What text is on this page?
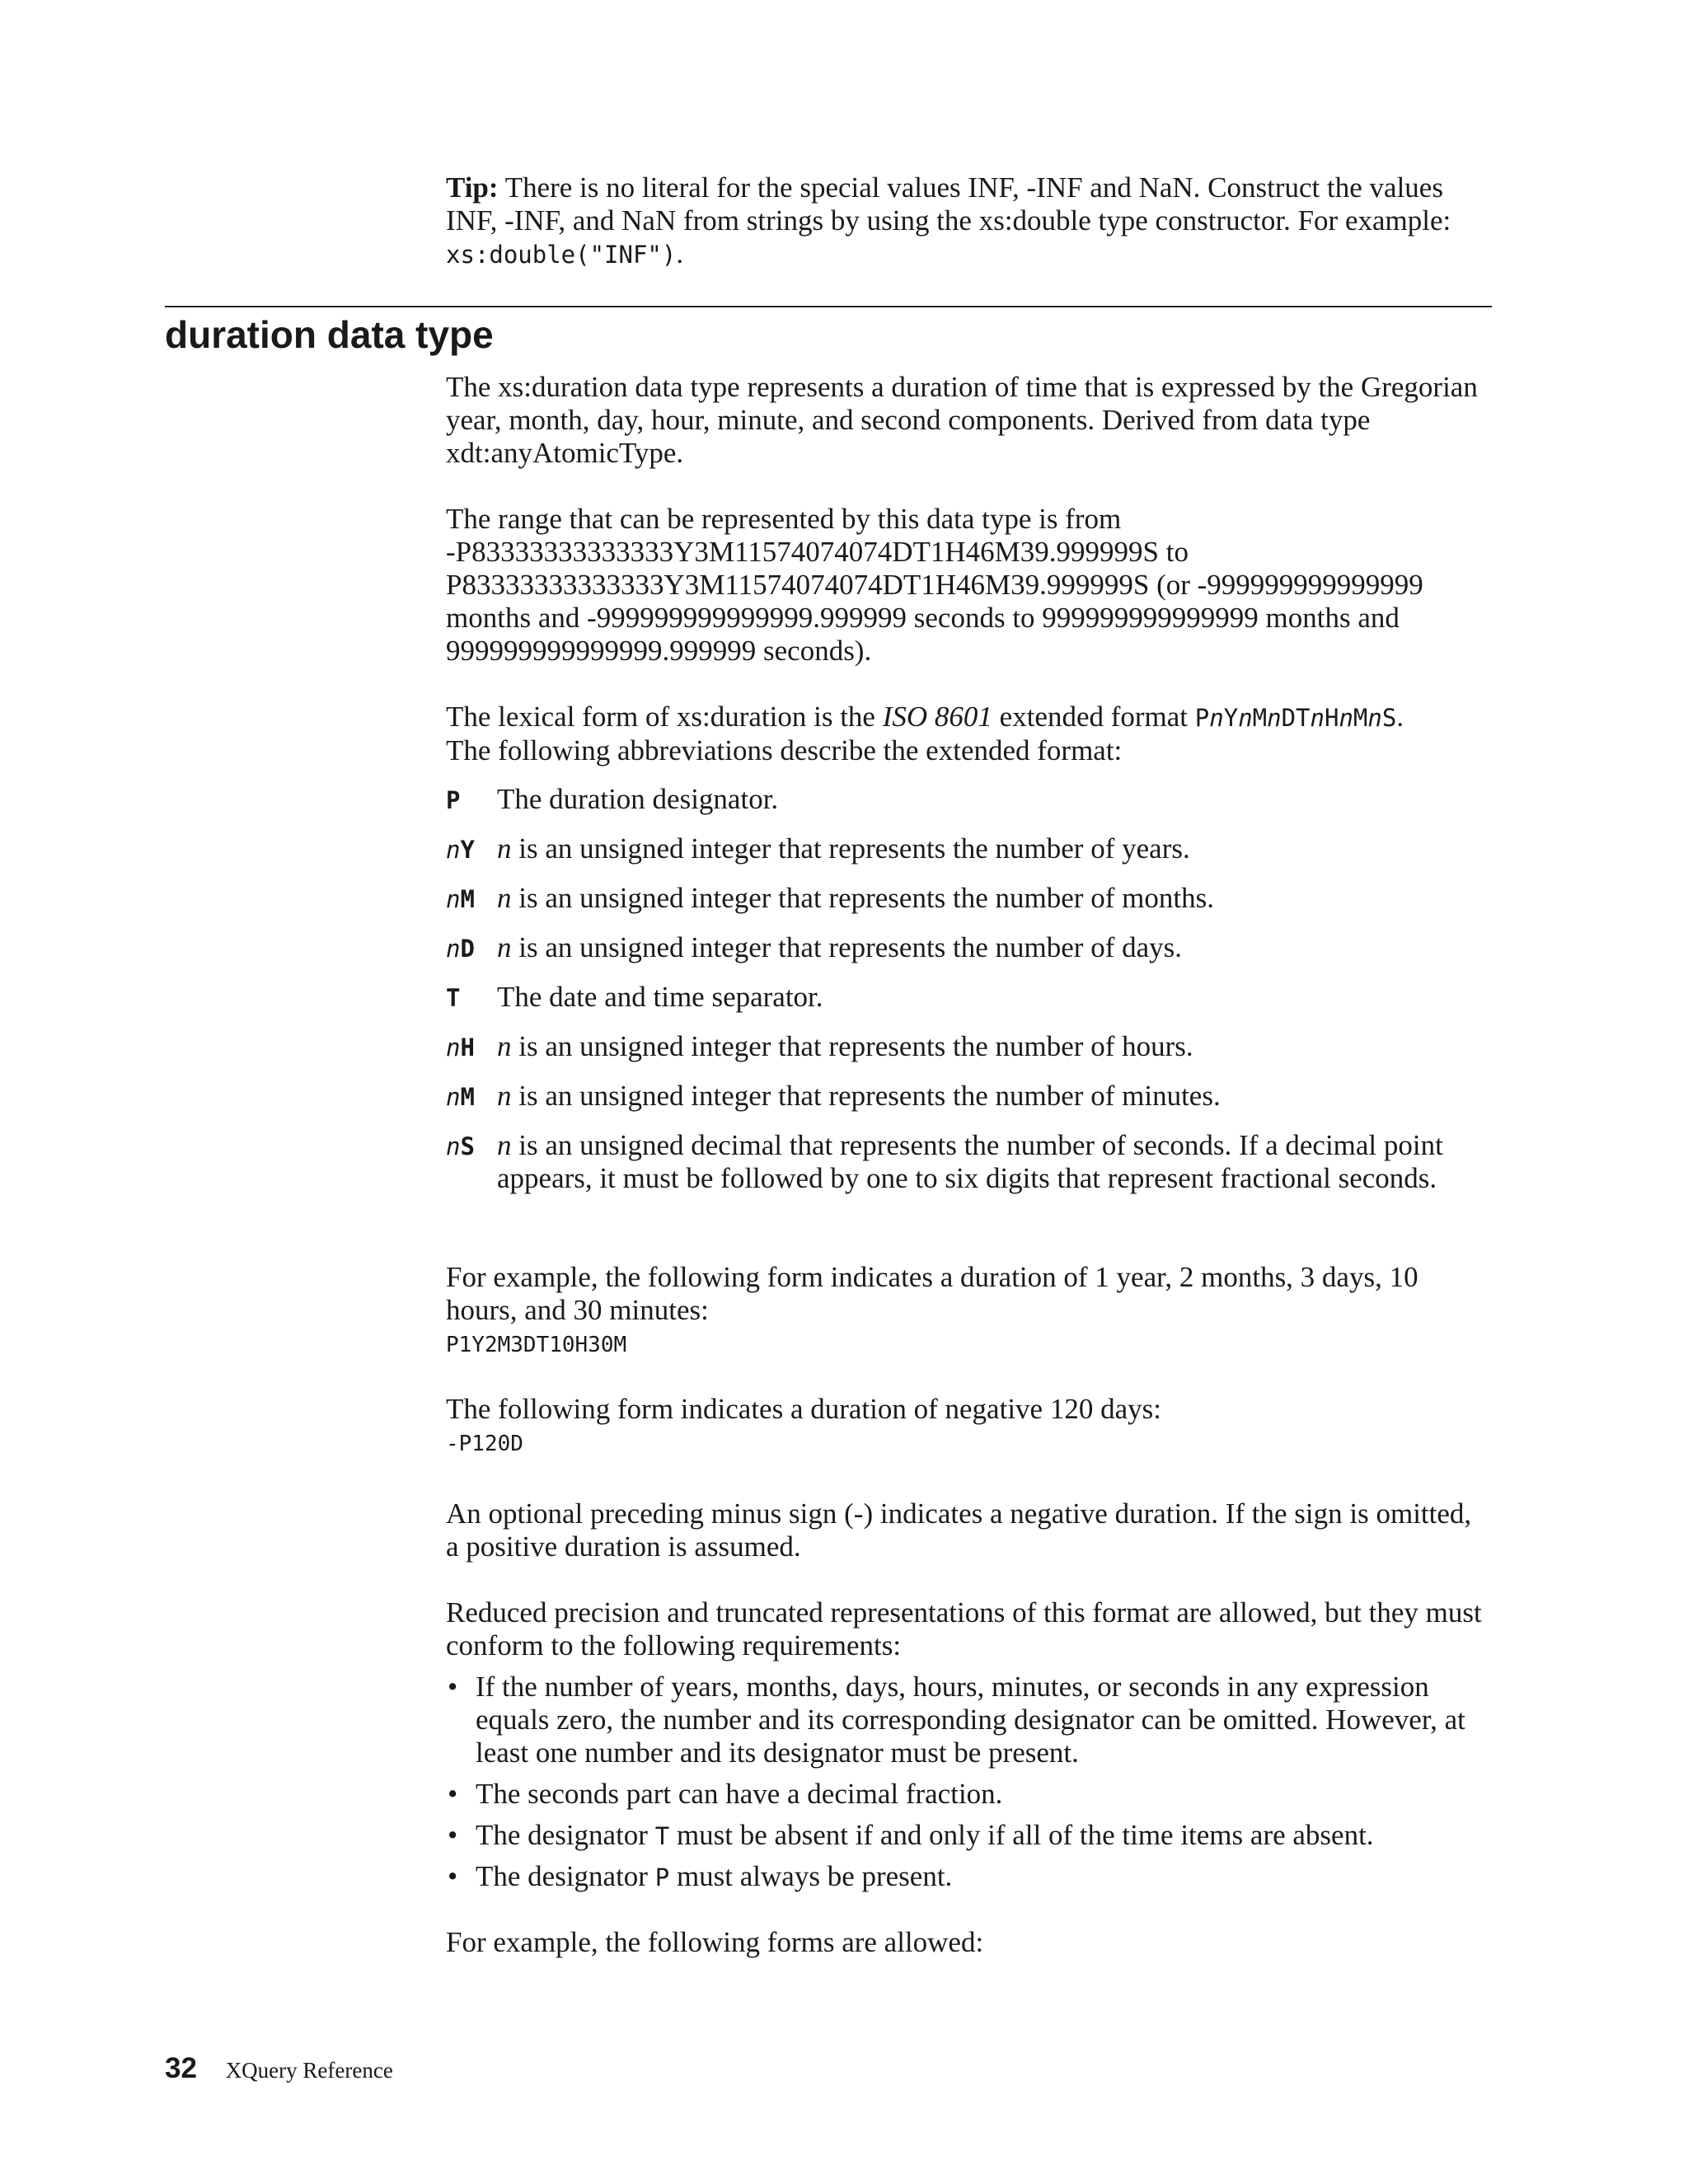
Tip: There is no literal for the special values INF, -INF and NaN. Construct the values INF, -INF, and NaN from strings by using the xs:double type constructor. For example: xs:double("INF").
duration data type

The xs:duration data type represents a duration of time that is expressed by the Gregorian year, month, day, hour, minute, and second components. Derived from data type xdt:anyAtomicType.

The range that can be represented by this data type is from
-P83333333333333Y3M11574074074DT1H46M39.999999S to
P83333333333333Y3M11574074074DT1H46M39.999999S (or -999999999999999
months and -999999999999999.999999 seconds to 999999999999999 months and
999999999999999.999999 seconds).
The lexical form of xs:duration is the ISO 8601 extended format PnYnMnDTnHnMnS.
The following abbreviations describe the extended format:
P The duration designator.
nY n is an unsigned integer that represents the number of years.
nM n is an unsigned integer that represents the number of months.
nD n is an unsigned integer that represents the number of days.
T The date and time separator.
nH n is an unsigned integer that represents the number of hours.
nM n is an unsigned integer that represents the number of minutes.
nS n is an unsigned decimal that represents the number of seconds. If a decimal point appears, it must be followed by one to six digits that represent fractional seconds.

For example, the following form indicates a duration of 1 year, 2 months, 3 days, 10 hours, and 30 minutes:

P1Y2M3DT10H30M

The following form indicates a duration of negative 120 days:

-P120D

An optional preceding minus sign (-) indicates a negative duration. If the sign is omitted, a positive duration is assumed.

Reduced precision and truncated representations of this format are allowed, but they must conform to the following requirements:

• If the number of years, months, days, hours, minutes, or seconds in any expression equals zero, the number and its corresponding designator can be omitted. However, at least one number and its designator must be present.
• The seconds part can have a decimal fraction.
• The designator T must be absent if and only if all of the time items are absent.
• The designator P must always be present.

For example, the following forms are allowed:

32 XQuery Reference
